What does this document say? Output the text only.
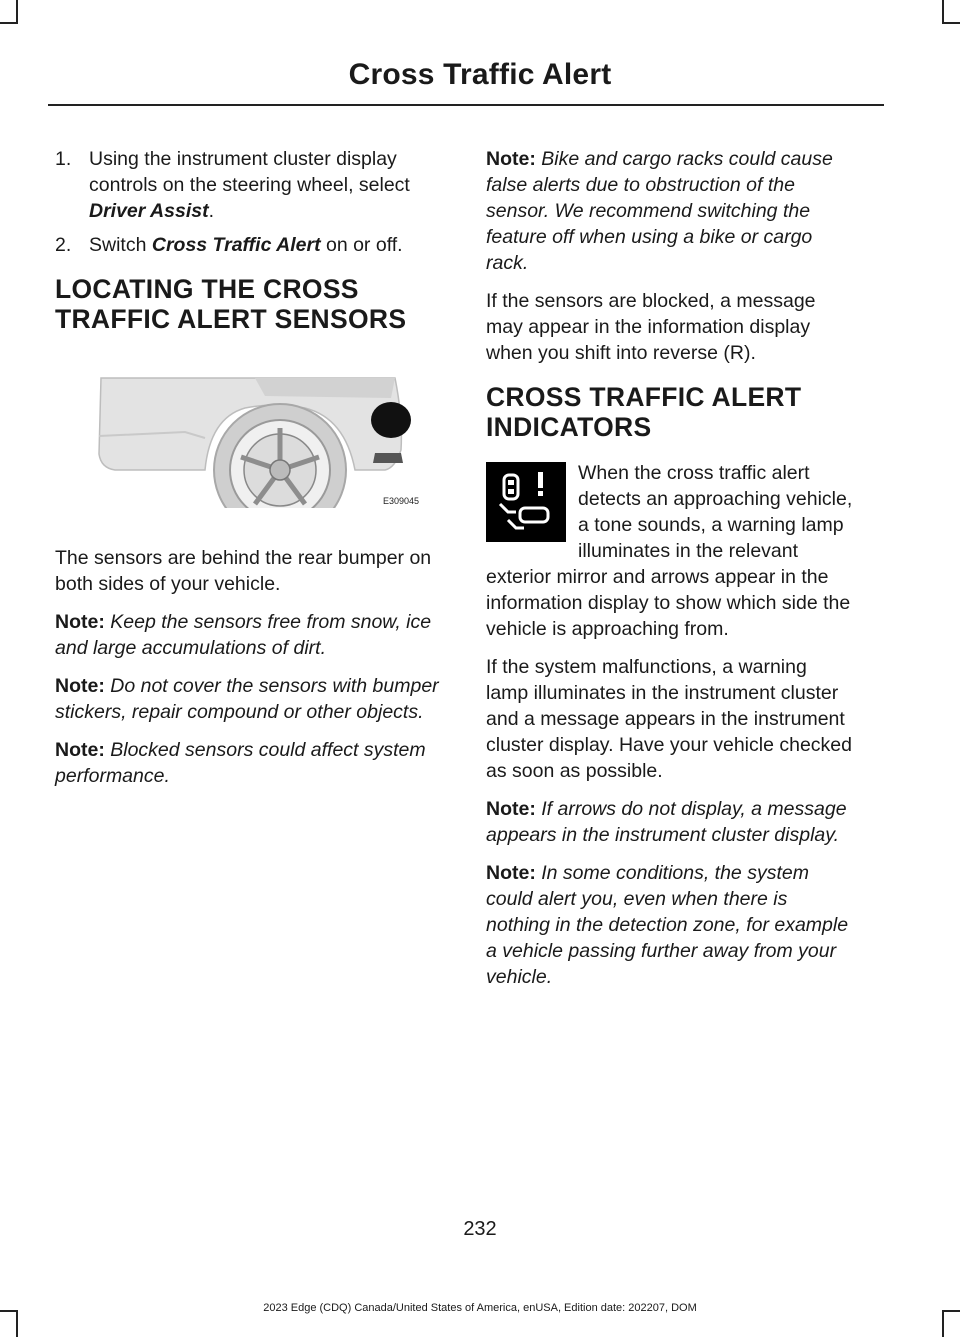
Cross Traffic Alert
1. Using the instrument cluster display controls on the steering wheel, select Driver Assist.
2. Switch Cross Traffic Alert on or off.
LOCATING THE CROSS
TRAFFIC ALERT SENSORS
E309045

The sensors are behind the rear bumper on both sides of your vehicle.

Note: Keep the sensors free from snow, ice and large accumulations of dirt.

Note: Do not cover the sensors with bumper stickers, repair compound or other objects.

Note: Blocked sensors could affect system performance.

Note: Bike and cargo racks could cause false alerts due to obstruction of the sensor. We recommend switching the feature off when using a bike or cargo rack.

If the sensors are blocked, a message may appear in the information display when you shift into reverse (R).

CROSS TRAFFIC ALERT
INDICATORS

When the cross traffic alert detects an approaching vehicle, a tone sounds, a warning lamp illuminates in the relevant exterior mirror and arrows appear in the information display to show which side the vehicle is approaching from.

If the system malfunctions, a warning lamp illuminates in the instrument cluster and a message appears in the instrument cluster display. Have your vehicle checked as soon as possible.

Note: If arrows do not display, a message appears in the instrument cluster display.

Note: In some conditions, the system could alert you, even when there is nothing in the detection zone, for example a vehicle passing further away from your vehicle.

232
2023 Edge (CDQ) Canada/United States of America, enUSA, Edition date: 202207, DOM
